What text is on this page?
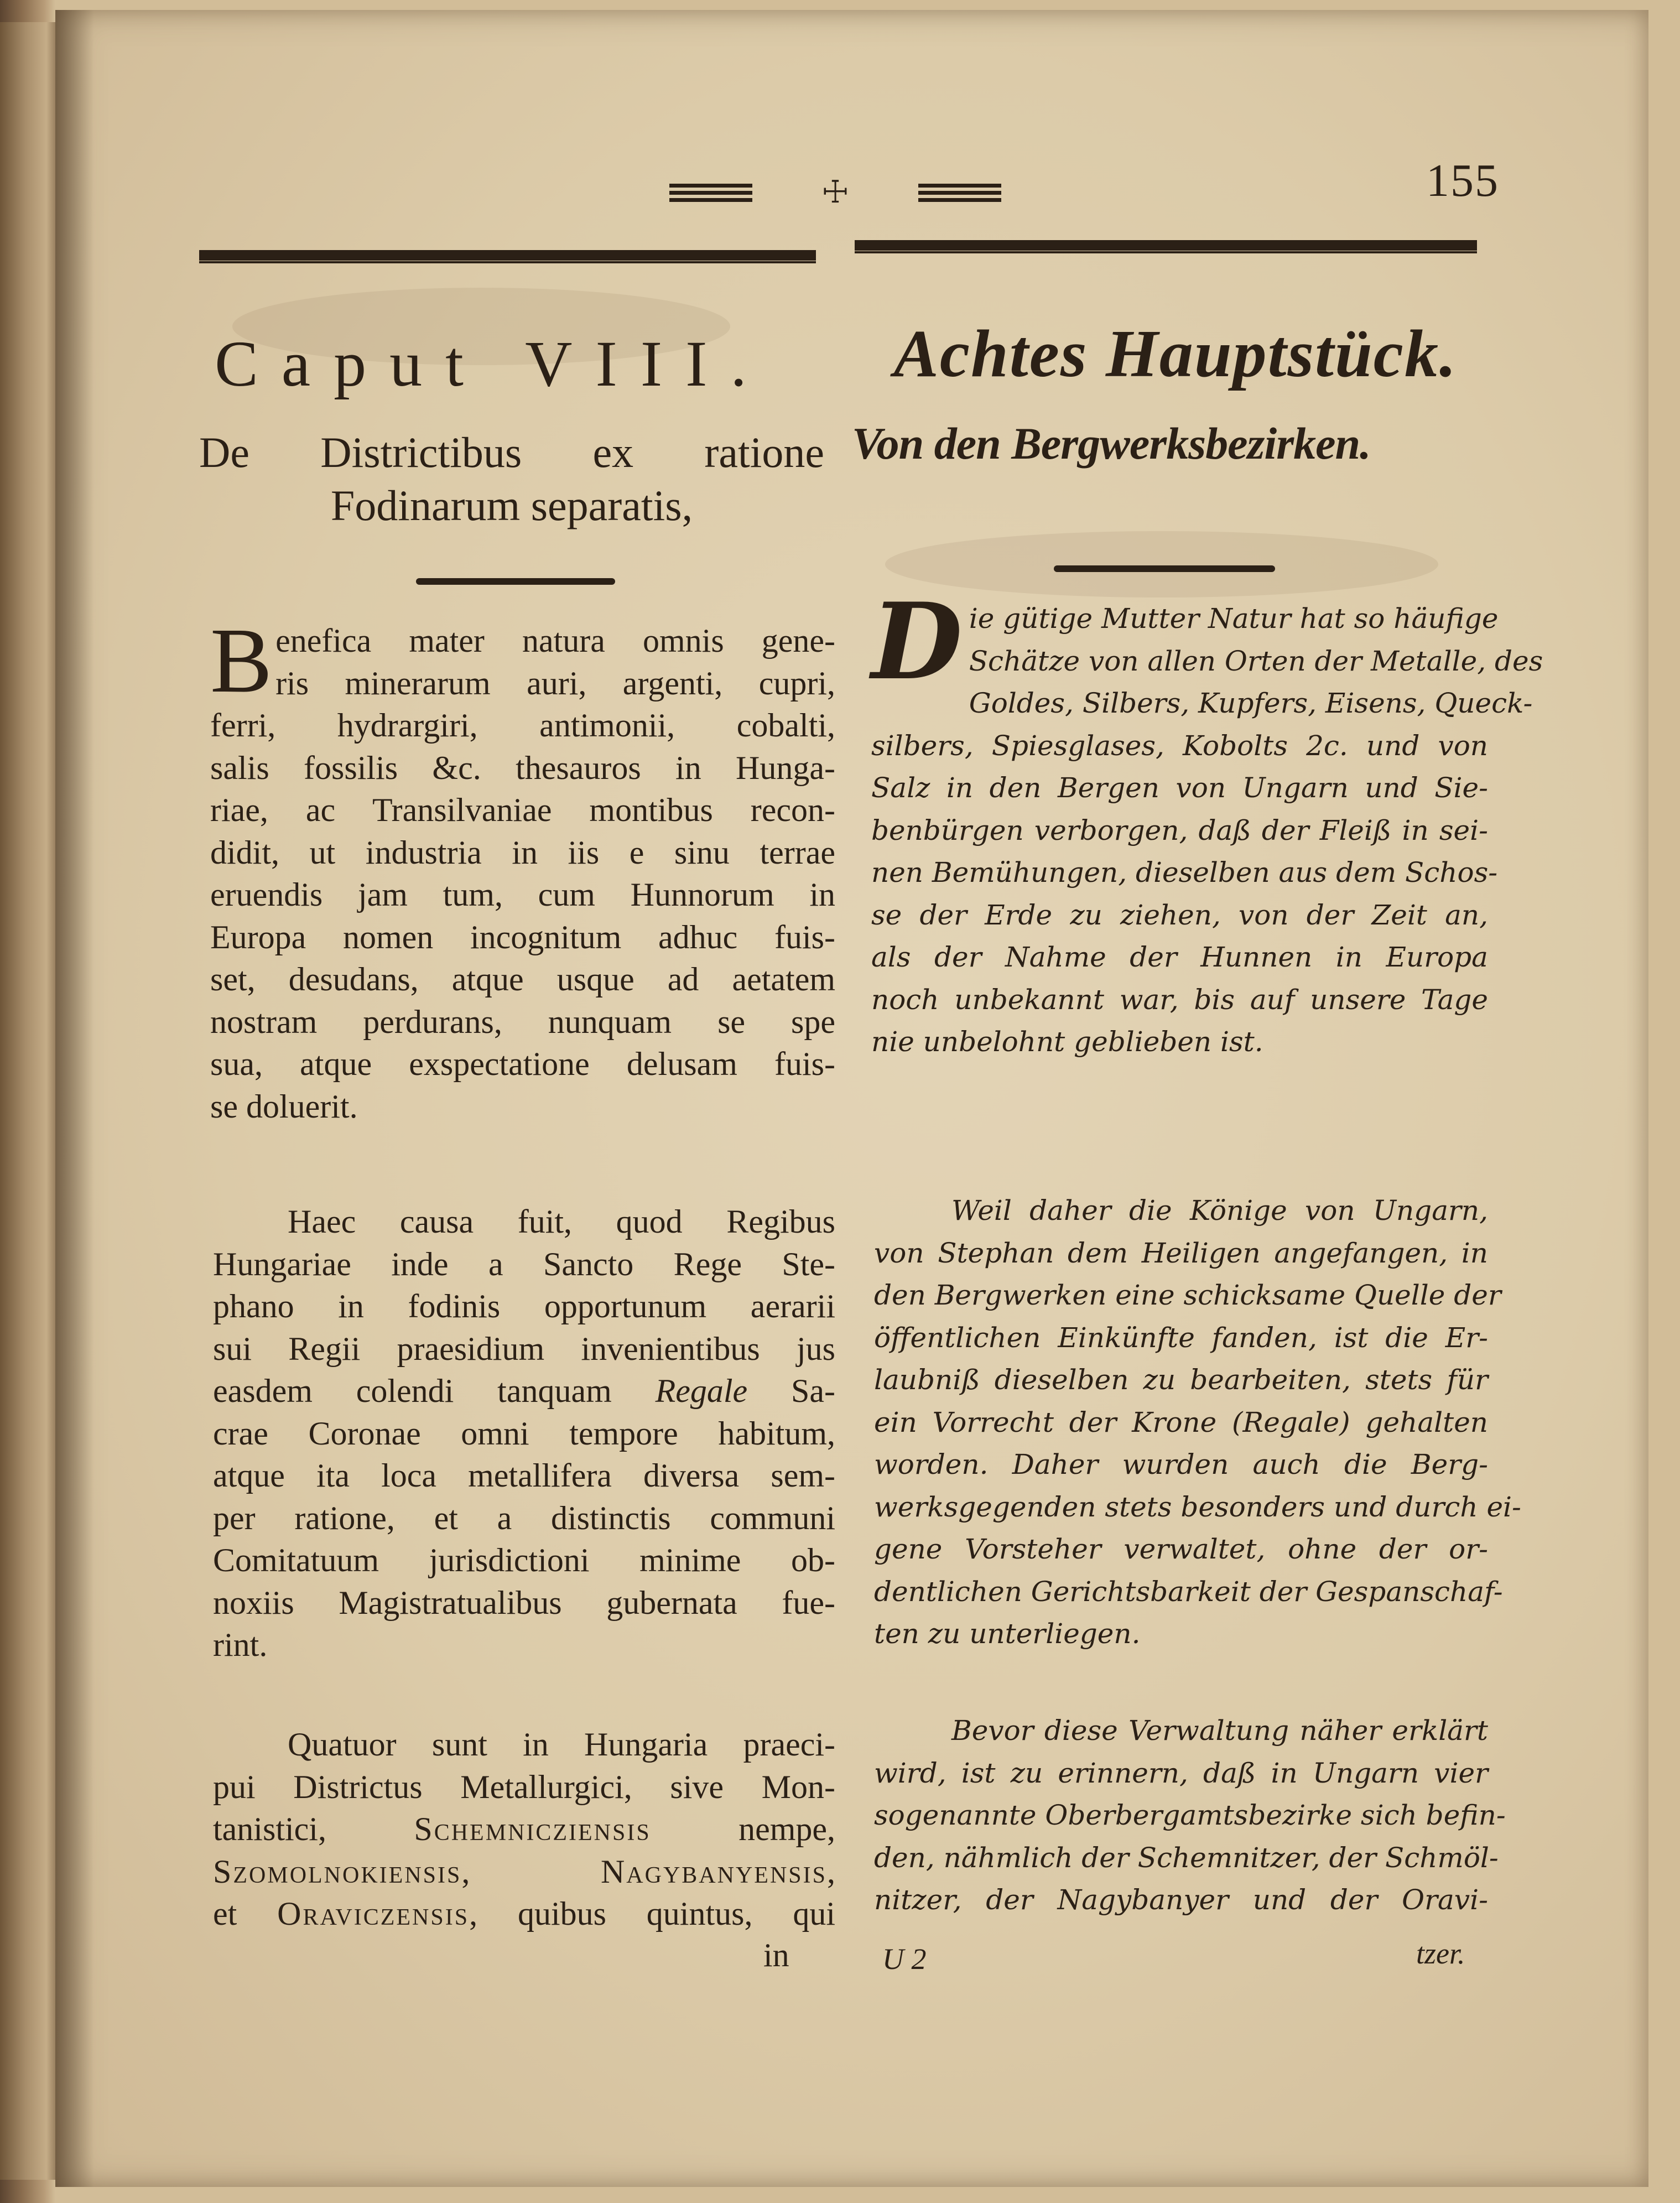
☩	155
Caput VIII.	Achtes Hauptstück.
De Districtibus ex ratione
Fodinarum separatis,
Von den Bergwerksbezirken.
B enefica mater natura omnis gene-
ris minerarum auri, argenti, cupri,
ferri, hydrargiri, antimonii, cobalti,
salis fossilis &c. thesauros in Hunga-
riae, ac Transilvaniae montibus recon-
didit, ut industria in iis e sinu terrae
eruendis jam tum, cum Hunnorum in
Europa nomen incognitum adhuc fuis-
set, desudans, atque usque ad aetatem
nostram perdurans, nunquam se spe
sua, atque exspectatione delusam fuis-
se doluerit.
Haec causa fuit, quod Regibus
Hungariae inde a Sancto Rege Ste-
phano in fodinis opportunum aerarii
sui Regii praesidium invenientibus jus
easdem colendi tanquam Regale Sa-
crae Coronae omni tempore habitum,
atque ita loca metallifera diversa sem-
per ratione, et a distinctis communi
Comitatuum jurisdictioni minime ob-
noxiis Magistratualibus gubernata fue-
rint.
Quatuor sunt in Hungaria praeci-
pui Districtus Metallurgici, sive Mon-
tanistici,	Schemnicziensis	nempe,
Szomolnokiensis, Nagybanyensis,
et Oraviczensis, quibus quintus, qui
in
D ie gütige Mutter Natur hat so häufige
Schätze von allen Orten der Metalle, des
Goldes, Silbers, Kupfers, Eisens, Queck-
silbers, Spiesglases, Kobolts 2c. und von
Salz in den Bergen von Ungarn und Sie-
benbürgen verborgen, daß der Fleiß in sei-
nen Bemühungen, dieselben aus dem Schos-
se der Erde zu ziehen, von der Zeit an,
als der Nahme der Hunnen in Europa
noch unbekannt war, bis auf unsere Tage
nie unbelohnt geblieben ist.
Weil daher die Könige von Ungarn,
von Stephan dem Heiligen angefangen, in
den Bergwerken eine schicksame Quelle der
öffentlichen Einkünfte fanden, ist die Er-
laubniß dieselben zu bearbeiten, stets für
ein Vorrecht der Krone (Regale) gehalten
worden. Daher wurden auch die Berg-
werksgegenden stets besonders und durch ei-
gene Vorsteher verwaltet, ohne der or-
dentlichen Gerichtsbarkeit der Gespanschaf-
ten zu unterliegen.
Bevor diese Verwaltung näher erklärt
wird, ist zu erinnern, daß in Ungarn vier
sogenannte Oberbergamtsbezirke sich befin-
den, nähmlich der Schemnitzer, der Schmöl-
nitzer, der Nagybanyer und der Oravi-
U 2	tzer.
